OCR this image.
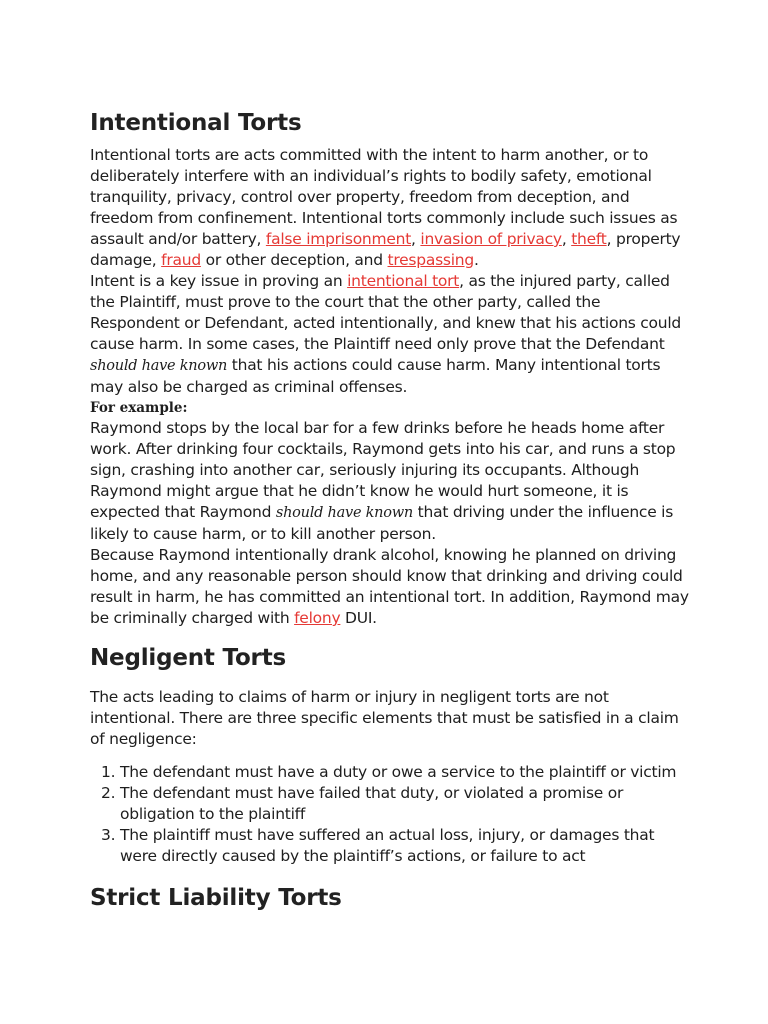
Intentional Torts

Intentional torts are acts committed with the intent to harm another, or to deliberately interfere with an individual’s rights to bodily safety, emotional tranquility, privacy, control over property, freedom from deception, and freedom from confinement. Intentional torts commonly include such issues as assault and/or battery, false imprisonment, invasion of privacy, theft, property damage, fraud or other deception, and trespassing.

Intent is a key issue in proving an intentional tort, as the injured party, called the Plaintiff, must prove to the court that the other party, called the Respondent or Defendant, acted intentionally, and knew that his actions could cause harm. In some cases, the Plaintiff need only prove that the Defendant should have known that his actions could cause harm. Many intentional torts may also be charged as criminal offenses.

For example:

Raymond stops by the local bar for a few drinks before he heads home after work. After drinking four cocktails, Raymond gets into his car, and runs a stop sign, crashing into another car, seriously injuring its occupants. Although Raymond might argue that he didn’t know he would hurt someone, it is expected that Raymond should have known that driving under the influence is likely to cause harm, or to kill another person.

Because Raymond intentionally drank alcohol, knowing he planned on driving home, and any reasonable person should know that drinking and driving could result in harm, he has committed an intentional tort. In addition, Raymond may be criminally charged with felony DUI.

Negligent Torts

The acts leading to claims of harm or injury in negligent torts are not intentional. There are three specific elements that must be satisfied in a claim of negligence:

1. The defendant must have a duty or owe a service to the plaintiff or victim
2. The defendant must have failed that duty, or violated a promise or obligation to the plaintiff
3. The plaintiff must have suffered an actual loss, injury, or damages that were directly caused by the plaintiff’s actions, or failure to act
Strict Liability Torts
